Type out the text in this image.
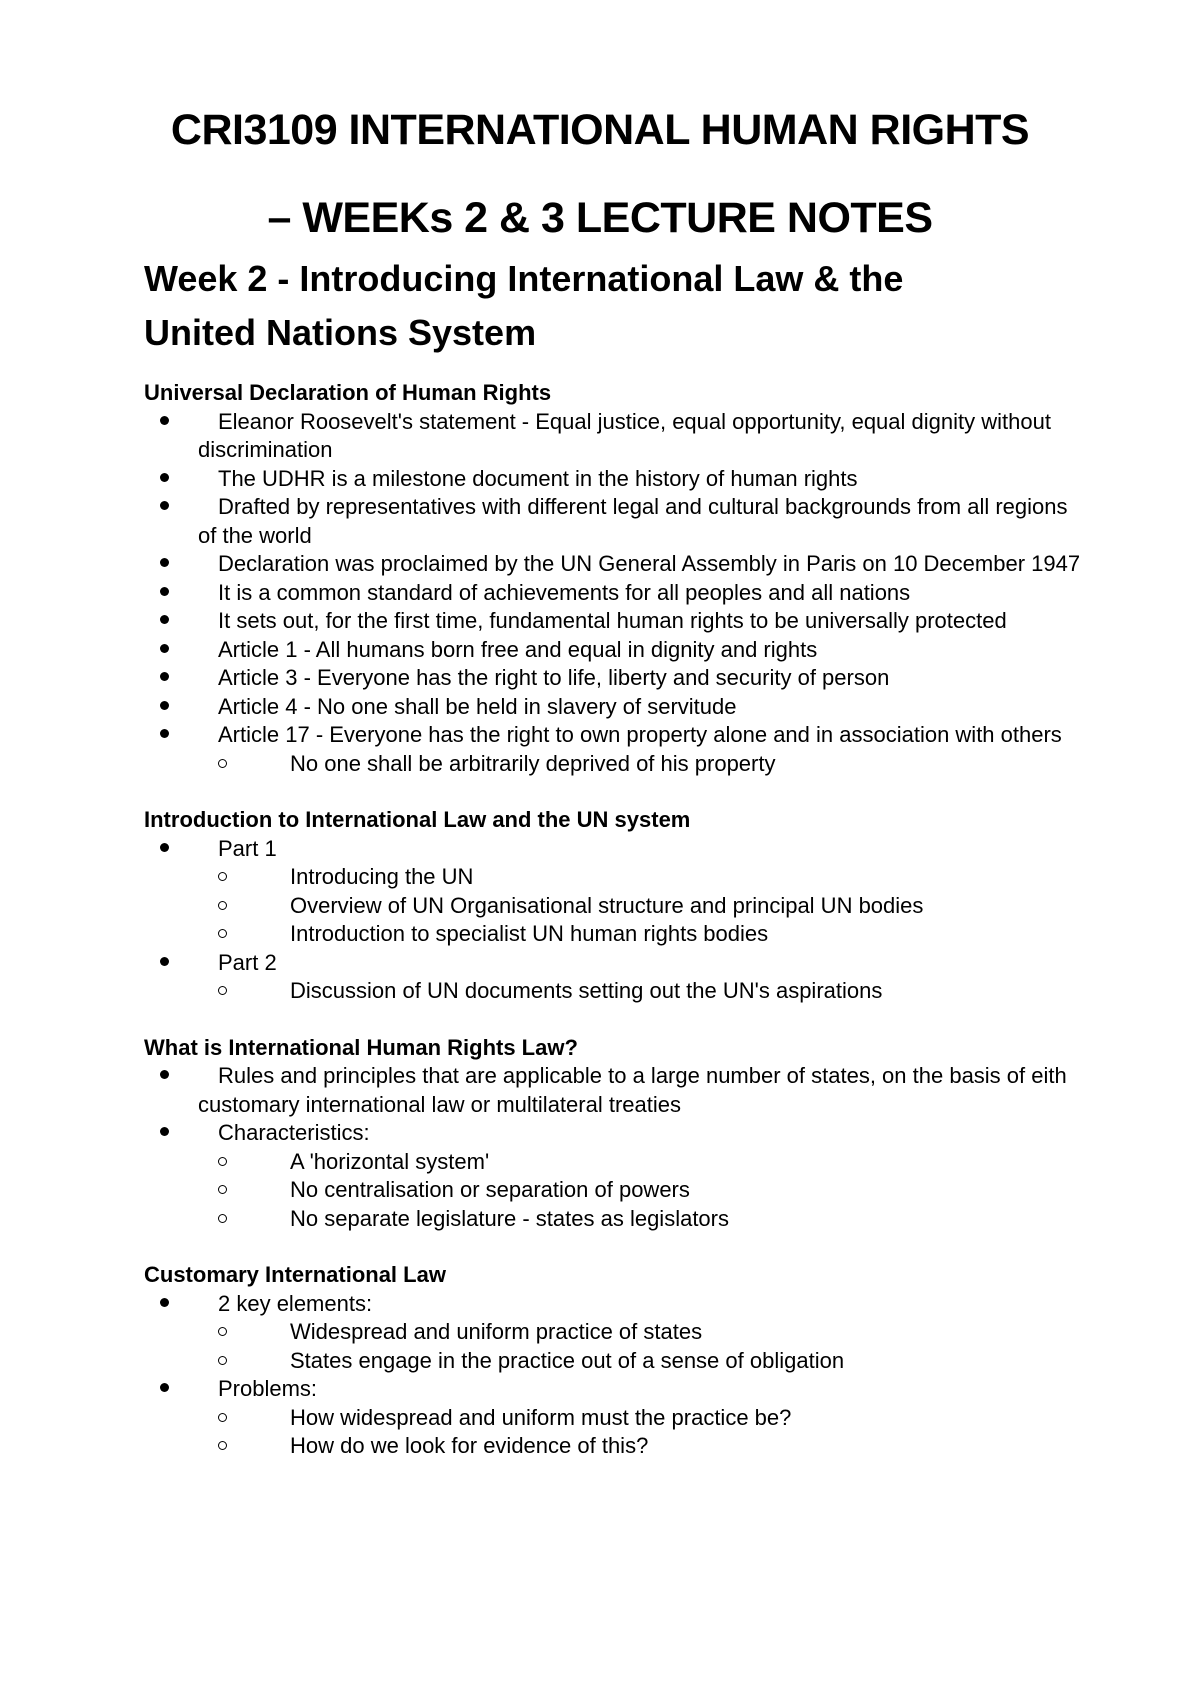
CRI3109 INTERNATIONAL HUMAN RIGHTS
– WEEKs 2 & 3 LECTURE NOTES
Week 2 - Introducing International Law & the
United Nations System
Universal Declaration of Human Rights
Eleanor Roosevelt's statement - Equal justice, equal opportunity, equal dignity without discrimination
The UDHR is a milestone document in the history of human rights
Drafted by representatives with different legal and cultural backgrounds from all regions of the world
Declaration was proclaimed by the UN General Assembly in Paris on 10 December 1947
It is a common standard of achievements for all peoples and all nations
It sets out, for the first time, fundamental human rights to be universally protected
Article 1 - All humans born free and equal in dignity and rights
Article 3 - Everyone has the right to life, liberty and security of person
Article 4 - No one shall be held in slavery of servitude
Article 17 - Everyone has the right to own property alone and in association with others
No one shall be arbitrarily deprived of his property
Introduction to International Law and the UN system
Part 1
Introducing the UN
Overview of UN Organisational structure and principal UN bodies
Introduction to specialist UN human rights bodies
Part 2
Discussion of UN documents setting out the UN's aspirations
What is International Human Rights Law?
Rules and principles that are applicable to a large number of states, on the basis of eith customary international law or multilateral treaties
Characteristics:
A 'horizontal system'
No centralisation or separation of powers
No separate legislature - states as legislators
Customary International Law
2 key elements:
Widespread and uniform practice of states
States engage in the practice out of a sense of obligation
Problems:
How widespread and uniform must the practice be?
How do we look for evidence of this?
